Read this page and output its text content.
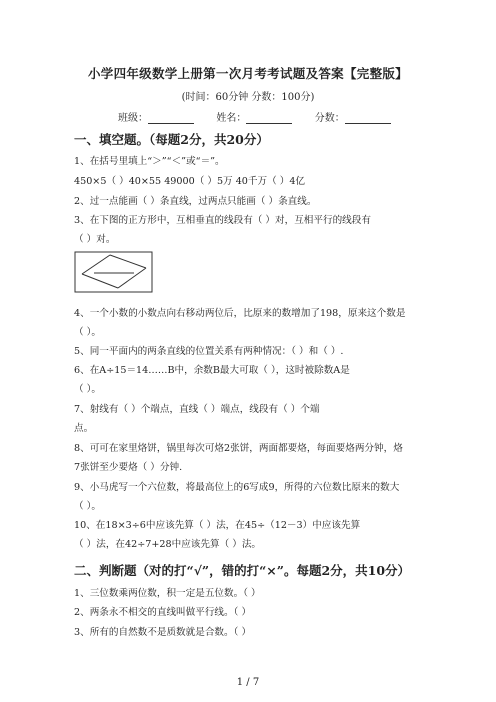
小学四年级数学上册第一次月考考试题及答案【完整版】
(时间：60分钟 分数：100分)
班级：	姓名：	分数：
一、填空题。（每题2分，共20分）
1、在括号里填上“＞”“＜”或“＝”。
450×5（ ）40×55 49000（ ）5万 40千万（ ）4亿
2、过一点能画（ ）条直线，过两点只能画（ ）条直线。
3、在下图的正方形中，互相垂直的线段有（ ）对，互相平行的线段有
（ ）对。
4、一个小数的小数点向右移动两位后，比原来的数增加了198，原来这个数是
（ ）。
5、同一平面内的两条直线的位置关系有两种情况：（ ）和（ ）.
6、在A÷15＝14……B中，余数B最大可取（ ），这时被除数A是
（ ）。
7、射线有（ ）个端点，直线（ ）端点，线段有（ ）个端
点。
8、可可在家里烙饼，锅里每次可烙2张饼，两面都要烙，每面要烙两分钟，烙
7张饼至少要烙（ ）分钟.
9、小马虎写一个六位数，将最高位上的6写成9，所得的六位数比原来的数大
（ ）。
10、在18×3÷6中应该先算（ ）法，在45÷（12－3）中应该先算
（ ）法，在42÷7+28中应该先算（ ）法。
二、判断题（对的打“√”，错的打“×”。每题2分，共10分）
1、三位数乘两位数，积一定是五位数。（ ）
2、两条永不相交的直线叫做平行线。（ ）
3、所有的自然数不是质数就是合数。（ ）
1 / 7
